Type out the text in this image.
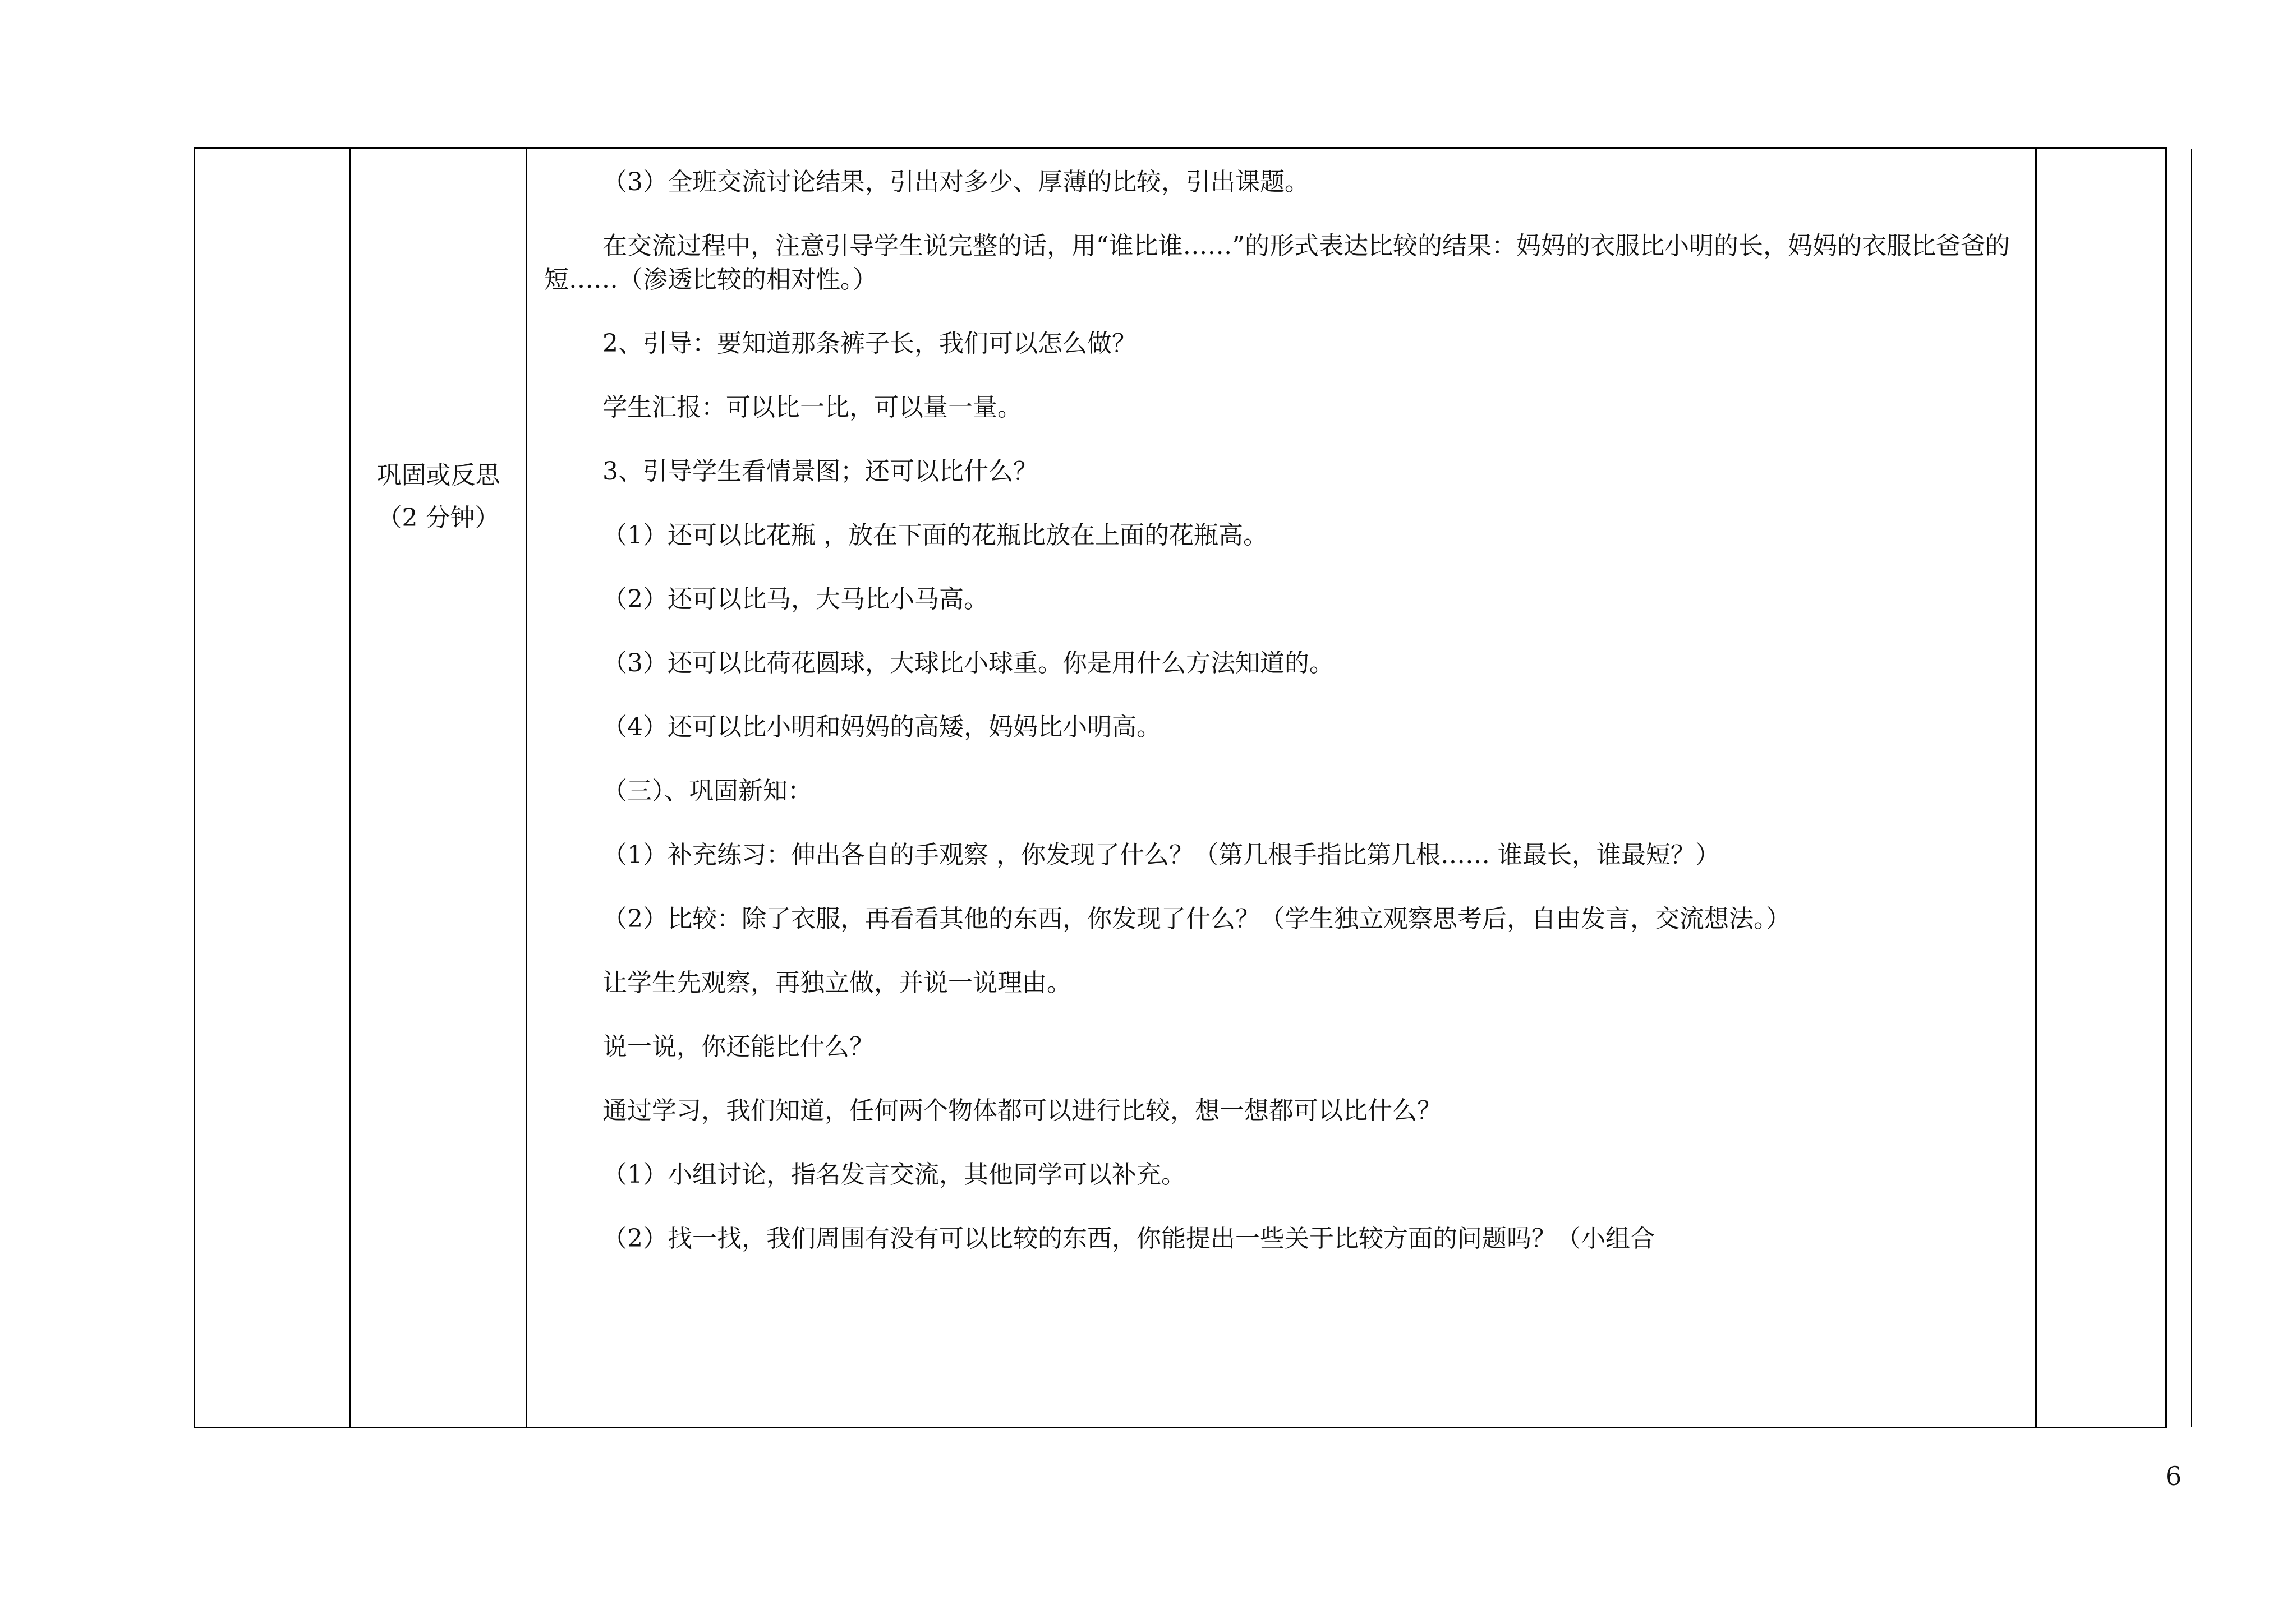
巩固或反思
（2 分钟）

（3）全班交流讨论结果，引出对多少、厚薄的比较，引出课题。

在交流过程中，注意引导学生说完整的话，用“谁比谁……”的形式表达比较的结果：妈妈的衣服比小明的长，妈妈的衣服比爸爸的短……（渗透比较的相对性。）

2、引导：要知道那条裤子长，我们可以怎么做？

学生汇报：可以比一比，可以量一量。

3、引导学生看情景图；还可以比什么？

（1）还可以比花瓶 ，放在下面的花瓶比放在上面的花瓶高。

（2）还可以比马，大马比小马高。

（3）还可以比荷花圆球，大球比小球重。你是用什么方法知道的。

（4）还可以比小明和妈妈的高矮，妈妈比小明高。

（三）、巩固新知：

（1）补充练习：伸出各自的手观察 ，你发现了什么？（第几根手指比第几根…… 谁最长，谁最短？）

（2）比较：除了衣服，再看看其他的东西，你发现了什么？（学生独立观察思考后，自由发言，交流想法。）

让学生先观察，再独立做，并说一说理由。

说一说，你还能比什么？

通过学习，我们知道，任何两个物体都可以进行比较，想一想都可以比什么？

（1）小组讨论，指名发言交流，其他同学可以补充。

（2）找一找，我们周围有没有可以比较的东西，你能提出一些关于比较方面的问题吗？（小组合

6
